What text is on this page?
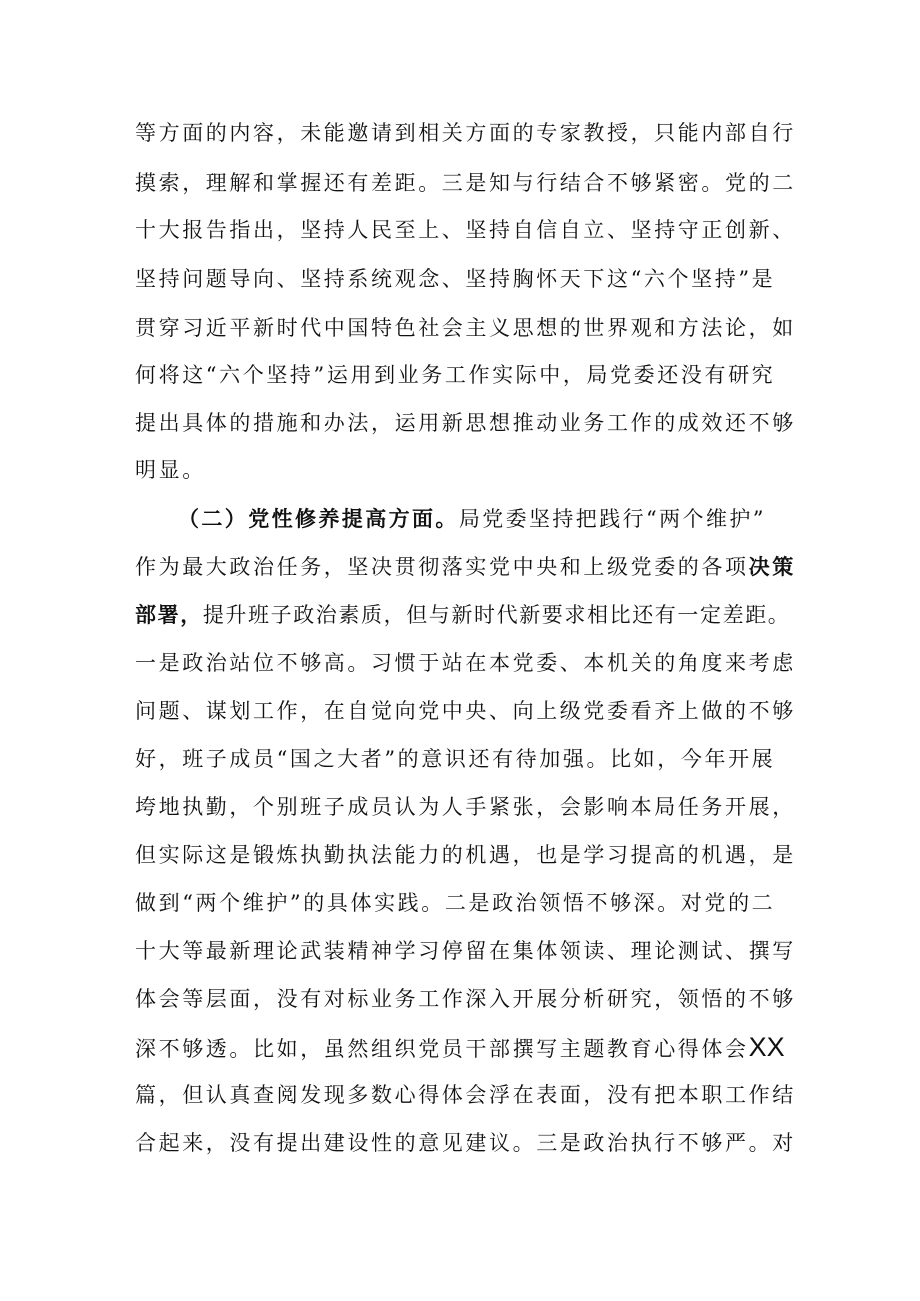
等方面的内容，未能邀请到相关方面的专家教授，只能内部自行
摸索，理解和掌握还有差距。三是知与行结合不够紧密。党的二
十大报告指出，坚持人民至上、坚持自信自立、坚持守正创新、
坚持问题导向、坚持系统观念、坚持胸怀天下这“六个坚持”是
贯穿习近平新时代中国特色社会主义思想的世界观和方法论，如
何将这“六个坚持”运用到业务工作实际中，局党委还没有研究
提出具体的措施和办法，运用新思想推动业务工作的成效还不够
明显。
（二）党性修养提高方面。局党委坚持把践行“两个维护”
作为最大政治任务，坚决贯彻落实党中央和上级党委的各项决策
部署，提升班子政治素质，但与新时代新要求相比还有一定差距。
一是政治站位不够高。习惯于站在本党委、本机关的角度来考虑
问题、谋划工作，在自觉向党中央、向上级党委看齐上做的不够
好，班子成员“国之大者”的意识还有待加强。比如，今年开展
垮地执勤，个别班子成员认为人手紧张，会影响本局任务开展，
但实际这是锻炼执勤执法能力的机遇，也是学习提高的机遇，是
做到“两个维护”的具体实践。二是政治领悟不够深。对党的二
十大等最新理论武装精神学习停留在集体领读、理论测试、撰写
体会等层面，没有对标业务工作深入开展分析研究，领悟的不够
深不够透。比如，虽然组织党员干部撰写主题教育心得体会XX
篇，但认真查阅发现多数心得体会浮在表面，没有把本职工作结
合起来，没有提出建设性的意见建议。三是政治执行不够严。对
